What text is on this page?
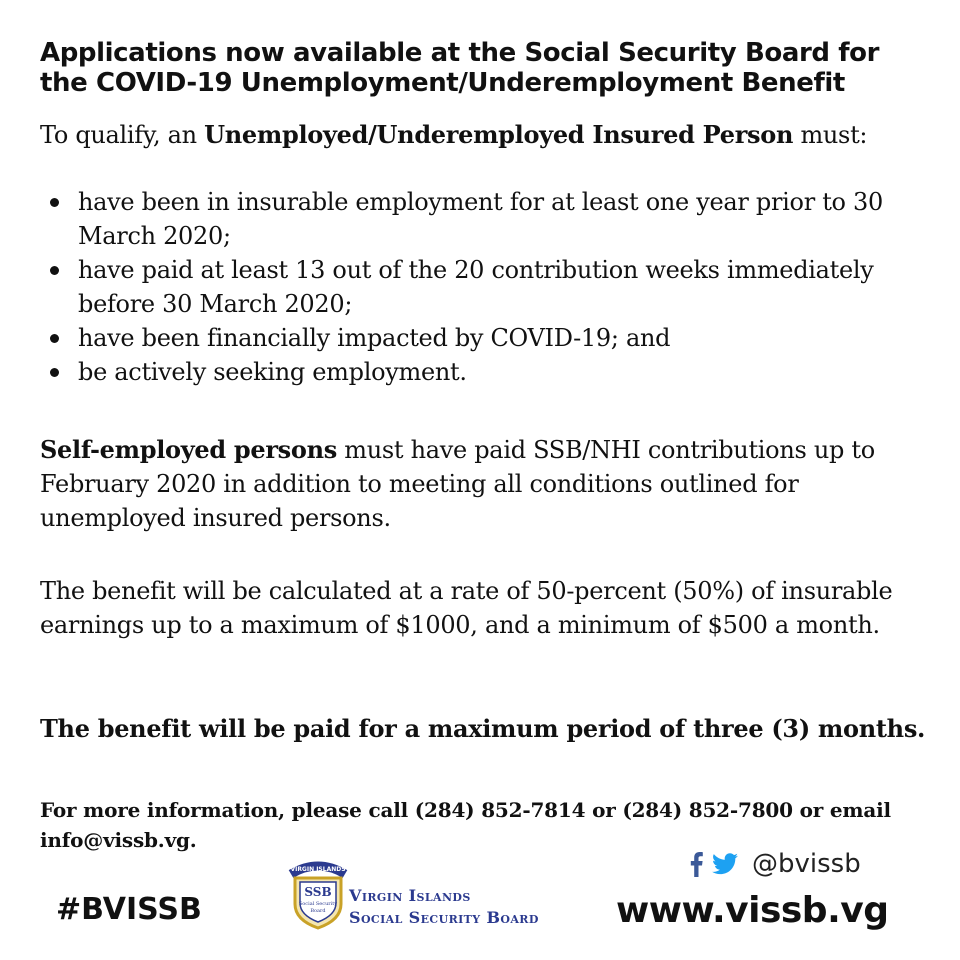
Applications now available at the Social Security Board for the COVID-19 Unemployment/Underemployment Benefit
To qualify, an Unemployed/Underemployed Insured Person must:
have been in insurable employment for at least one year prior to 30 March 2020;
have paid at least 13 out of the 20 contribution weeks immediately before 30 March 2020;
have been financially impacted by COVID-19; and
be actively seeking employment.
Self-employed persons must have paid SSB/NHI contributions up to February 2020 in addition to meeting all conditions outlined for unemployed insured persons.
The benefit will be calculated at a rate of 50-percent (50%) of insurable earnings up to a maximum of $1000, and a minimum of $500 a month.
The benefit will be paid for a maximum period of three (3) months.
For more information, please call (284) 852-7814 or (284) 852-7800 or email info@vissb.vg.
#BVISSB
VIRGIN ISLANDS
SSB
Social Security
Board
Virgin Islands
Social Security Board
@bvissb
www.vissb.vg
